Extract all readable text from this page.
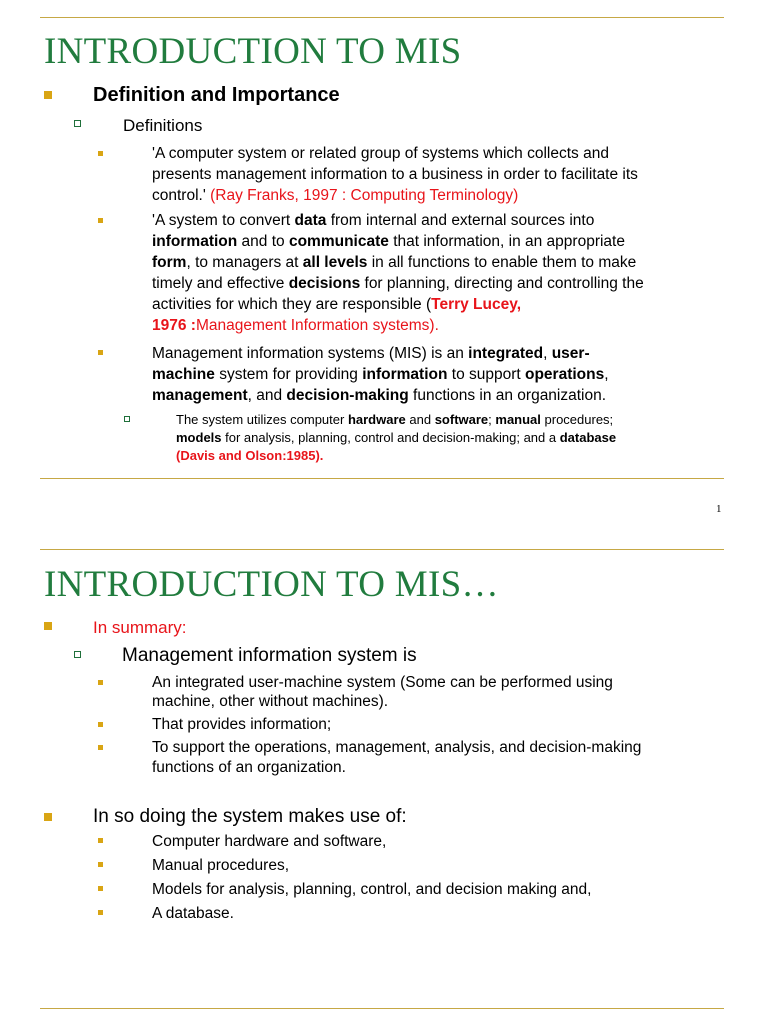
INTRODUCTION TO MIS
Definition and Importance
Definitions
'A computer system or related group of systems which collects and
presents management information to a business in order to facilitate its
control.' (Ray Franks, 1997 : Computing Terminology)
'A system to convert data from internal and external sources into
information and to communicate that information, in an appropriate
form, to managers at all levels in all functions to enable them to make
timely and effective decisions for planning, directing and controlling the
activities for which they are responsible (Terry Lucey,
1976 :Management Information systems).
Management information systems (MIS) is an integrated, user-
machine system for providing information to support operations,
management, and decision-making functions in an organization.
The system utilizes computer hardware and software; manual procedures;
models for analysis, planning, control and decision-making; and a database
(Davis and Olson:1985).
1
INTRODUCTION TO MIS…
In summary:
Management information system is
An integrated user-machine system (Some can be performed using
machine, other without machines).
That provides information;
To support the operations, management, analysis, and decision-making
functions of an organization.
In so doing the system makes use of:
Computer hardware and software,
Manual procedures,
Models for analysis, planning, control, and decision making and,
A database.
